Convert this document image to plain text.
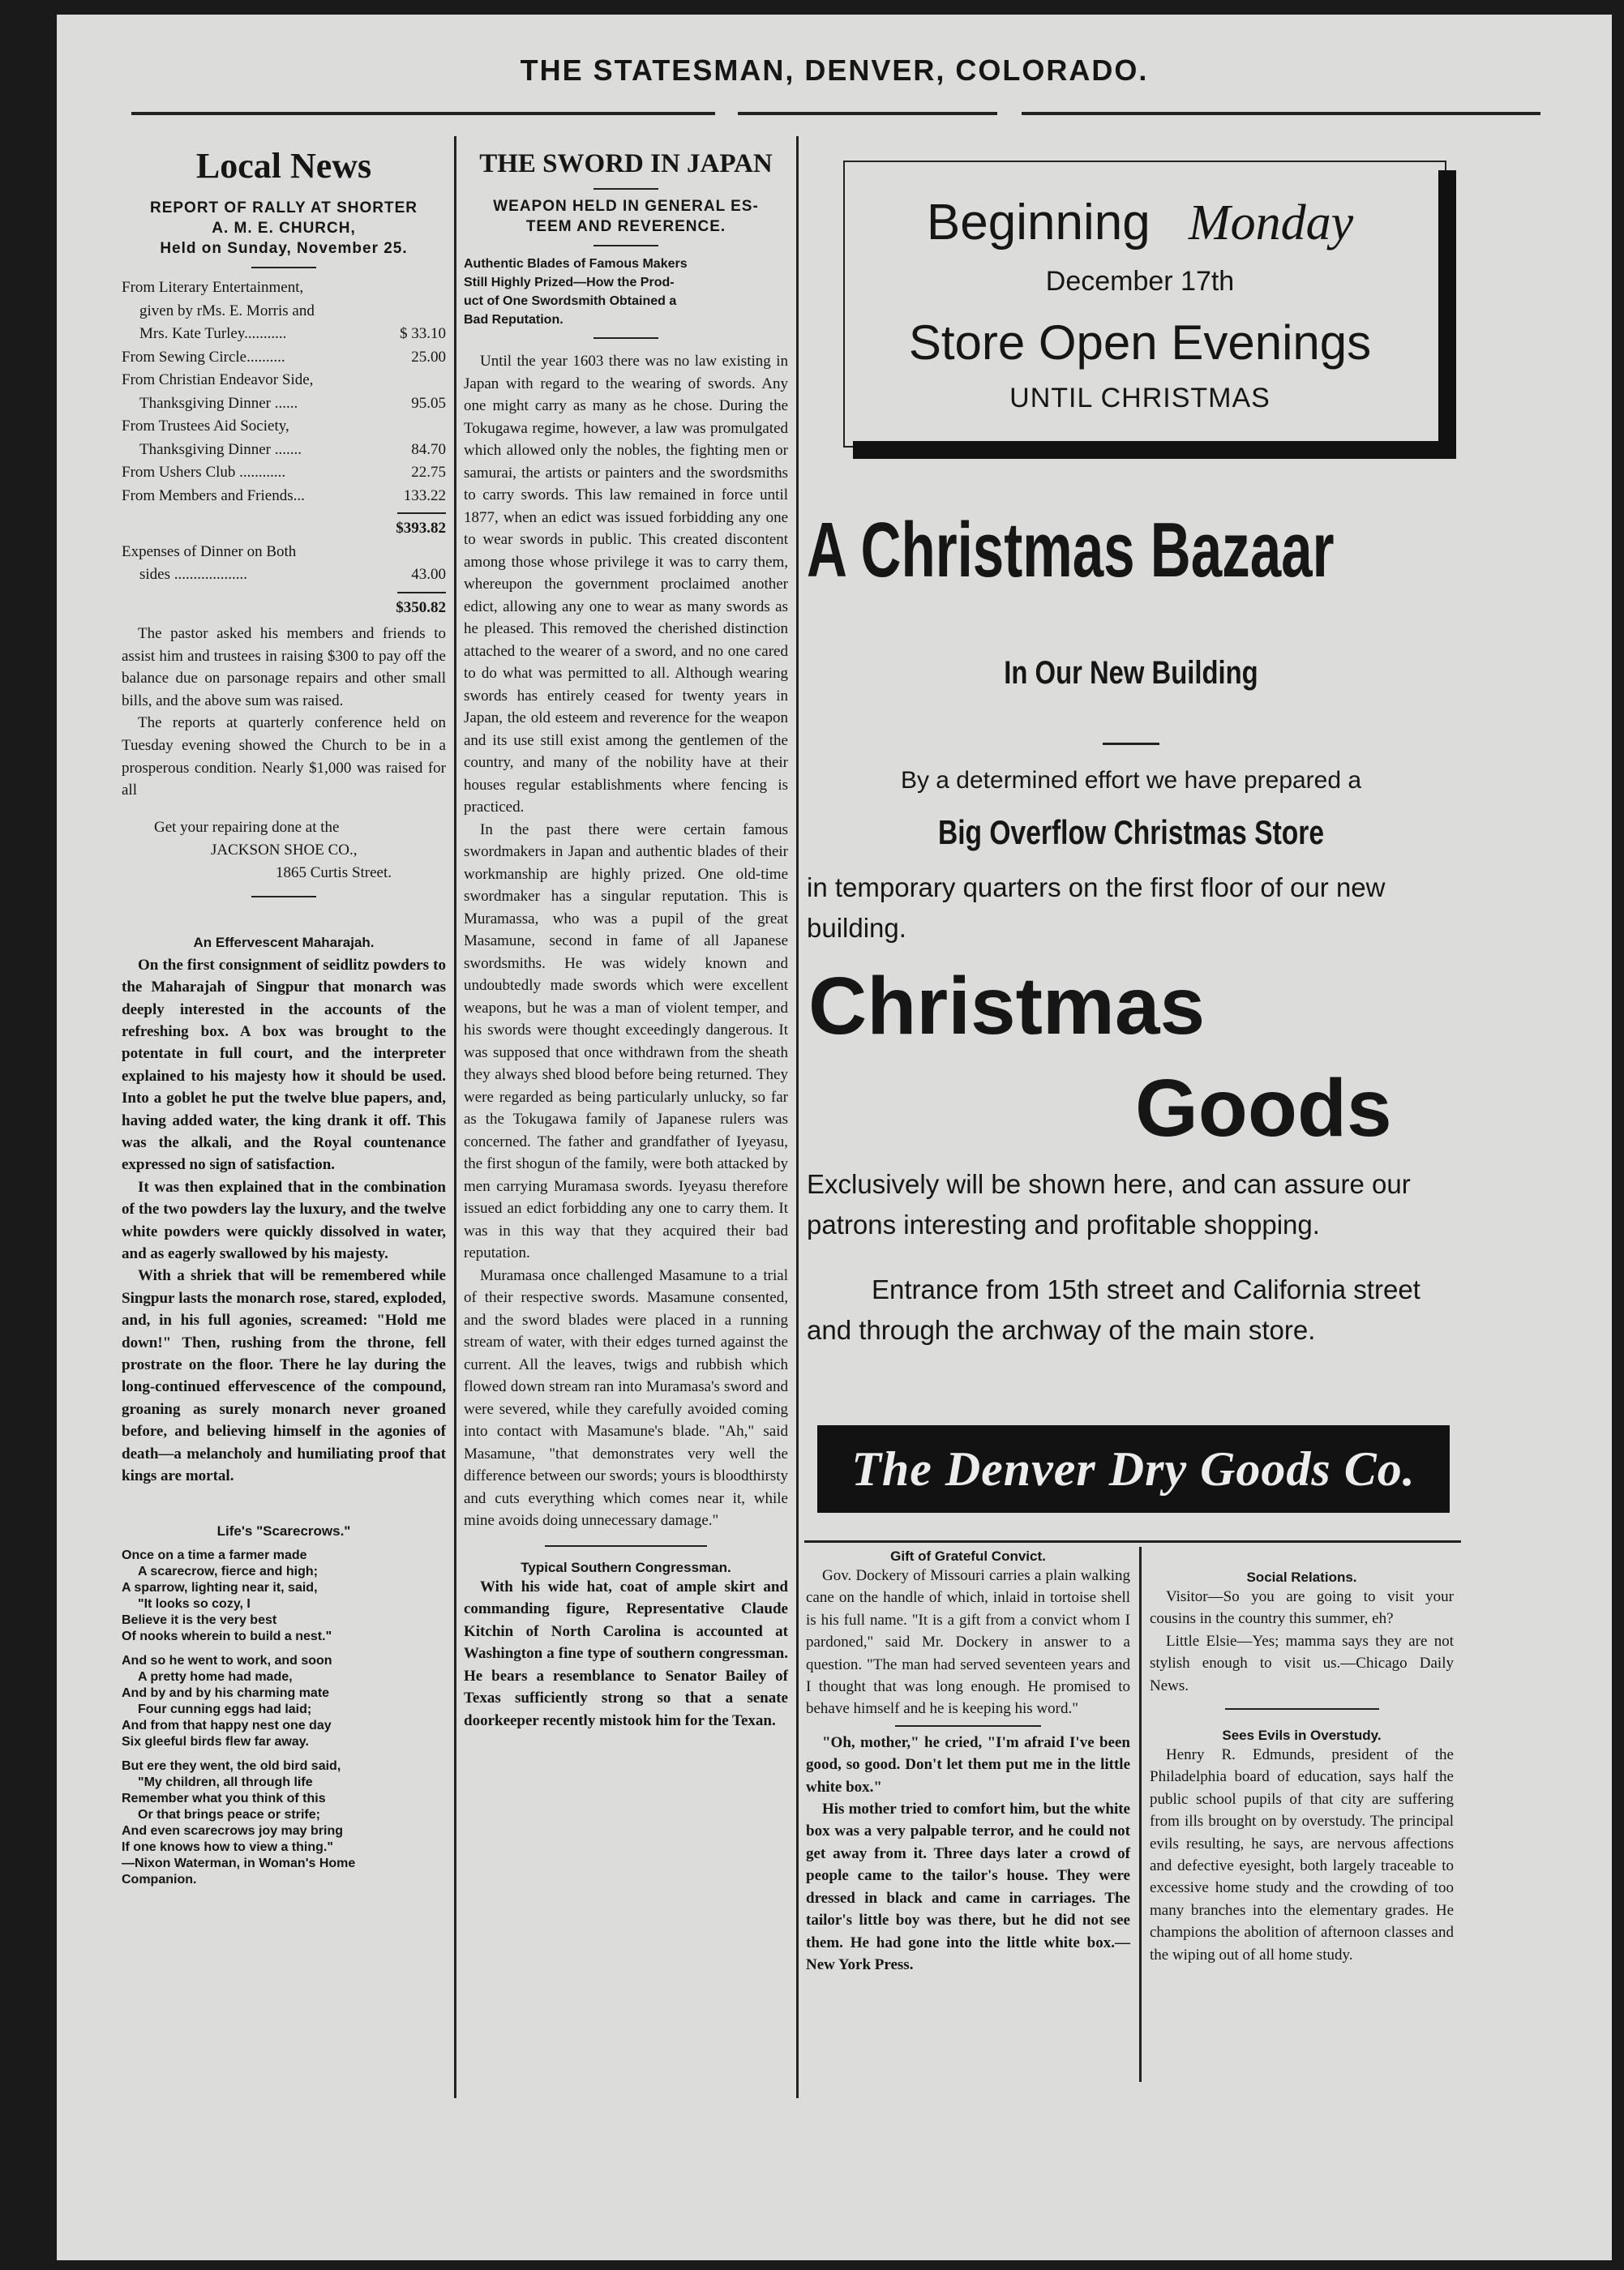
THE STATESMAN, DENVER, COLORADO.
Local News
REPORT OF RALLY AT SHORTER
A. M. E. CHURCH,
Held on Sunday, November 25.
From Literary Entertainment,
given by rMs. E. Morris and
Mrs. Kate Turley...........	$ 33.10
From Sewing Circle..........	25.00
From Christian Endeavor Side,
Thanksgiving Dinner ......	95.05
From Trustees Aid Society,
Thanksgiving Dinner .......	84.70
From Ushers Club ............	22.75
From Members and Friends...	133.22
$393.82
Expenses of Dinner on Both
sides ...................	43.00
$350.82

The pastor asked his members and friends to assist him and trustees in raising $300 to pay off the balance due on parsonage repairs and other small bills, and the above sum was raised.

The reports at quarterly conference held on Tuesday evening showed the Church to be in a prosperous condition. Nearly $1,000 was raised for all

Get your repairing done at the
JACKSON SHOE CO.,
1865 Curtis Street.
An Effervescent Maharajah.

On the first consignment of seidlitz powders to the Maharajah of Singpur that monarch was deeply interested in the accounts of the refreshing box. A box was brought to the potentate in full court, and the interpreter explained to his majesty how it should be used. Into a goblet he put the twelve blue papers, and, having added water, the king drank it off. This was the alkali, and the Royal countenance expressed no sign of satisfaction.

It was then explained that in the combination of the two powders lay the luxury, and the twelve white powders were quickly dissolved in water, and as eagerly swallowed by his majesty.

With a shriek that will be remembered while Singpur lasts the monarch rose, stared, exploded, and, in his full agonies, screamed: "Hold me down!" Then, rushing from the throne, fell prostrate on the floor. There he lay during the long-continued effervescence of the compound, groaning as surely monarch never groaned before, and believing himself in the agonies of death—a melancholy and humiliating proof that kings are mortal.

Life's "Scarecrows."
Once on a time a farmer made
A scarecrow, fierce and high;
A sparrow, lighting near it, said,
"It looks so cozy, I
Believe it is the very best
Of nooks wherein to build a nest."
And so he went to work, and soon
A pretty home had made,
And by and by his charming mate
Four cunning eggs had laid;
And from that happy nest one day
Six gleeful birds flew far away.
But ere they went, the old bird said,
"My children, all through life
Remember what you think of this
Or that brings peace or strife;
And even scarecrows joy may bring
If one knows how to view a thing."
—Nixon Waterman, in Woman's Home
Companion.
THE SWORD IN JAPAN
WEAPON HELD IN GENERAL ES-
TEEM AND REVERENCE.
Authentic Blades of Famous Makers
Still Highly Prized—How the Prod-
uct of One Swordsmith Obtained a
Bad Reputation.

Until the year 1603 there was no law existing in Japan with regard to the wearing of swords. Any one might carry as many as he chose. During the Tokugawa regime, however, a law was promulgated which allowed only the nobles, the fighting men or samurai, the artists or painters and the swordsmiths to carry swords. This law remained in force until 1877, when an edict was issued forbidding any one to wear swords in public. This created discontent among those whose privilege it was to carry them, whereupon the government proclaimed another edict, allowing any one to wear as many swords as he pleased. This removed the cherished distinction attached to the wearer of a sword, and no one cared to do what was permitted to all. Although wearing swords has entirely ceased for twenty years in Japan, the old esteem and reverence for the weapon and its use still exist among the gentlemen of the country, and many of the nobility have at their houses regular establishments where fencing is practiced.

In the past there were certain famous swordmakers in Japan and authentic blades of their workmanship are highly prized. One old-time swordmaker has a singular reputation. This is Muramassa, who was a pupil of the great Masamune, second in fame of all Japanese swordsmiths. He was widely known and undoubtedly made swords which were excellent weapons, but he was a man of violent temper, and his swords were thought exceedingly dangerous. It was supposed that once withdrawn from the sheath they always shed blood before being returned. They were regarded as being particularly unlucky, so far as the Tokugawa family of Japanese rulers was concerned. The father and grandfather of Iyeyasu, the first shogun of the family, were both attacked by men carrying Muramasa swords. Iyeyasu therefore issued an edict forbidding any one to carry them. It was in this way that they acquired their bad reputation.

Muramasa once challenged Masamune to a trial of their respective swords. Masamune consented, and the sword blades were placed in a running stream of water, with their edges turned against the current. All the leaves, twigs and rubbish which flowed down stream ran into Muramasa's sword and were severed, while they carefully avoided coming into contact with Masamune's blade. "Ah," said Masamune, "that demonstrates very well the difference between our swords; yours is bloodthirsty and cuts everything which comes near it, while mine avoids doing unnecessary damage."

Typical Southern Congressman.

With his wide hat, coat of ample skirt and commanding figure, Representative Claude Kitchin of North Carolina is accounted at Washington a fine type of southern congressman. He bears a resemblance to Senator Bailey of Texas sufficiently strong so that a senate doorkeeper recently mistook him for the Texan.

Beginning Monday
December 17th
Store Open Evenings
UNTIL CHRISTMAS
A Christmas Bazaar
In Our New Building
By a determined effort we have prepared a
Big Overflow Christmas Store
in temporary quarters on the first floor of our new building.
Christmas
Goods
Exclusively will be shown here, and can assure our patrons interesting and profitable shopping.
Entrance from 15th street and California street and through the archway of the main store.
The Denver Dry Goods Co.
Gift of Grateful Convict.

Gov. Dockery of Missouri carries a plain walking cane on the handle of which, inlaid in tortoise shell is his full name. "It is a gift from a convict whom I pardoned," said Mr. Dockery in answer to a question. "The man had served seventeen years and I thought that was long enough. He promised to behave himself and he is keeping his word."

"Oh, mother," he cried, "I'm afraid I've been good, so good. Don't let them put me in the little white box."

His mother tried to comfort him, but the white box was a very palpable terror, and he could not get away from it. Three days later a crowd of people came to the tailor's house. They were dressed in black and came in carriages. The tailor's little boy was there, but he did not see them. He had gone into the little white box.—New York Press.

Social Relations.

Visitor—So you are going to visit your cousins in the country this summer, eh?

Little Elsie—Yes; mamma says they are not stylish enough to visit us.—Chicago Daily News.

Sees Evils in Overstudy.

Henry R. Edmunds, president of the Philadelphia board of education, says half the public school pupils of that city are suffering from ills brought on by overstudy. The principal evils resulting, he says, are nervous affections and defective eyesight, both largely traceable to excessive home study and the crowding of too many branches into the elementary grades. He champions the abolition of afternoon classes and the wiping out of all home study.
